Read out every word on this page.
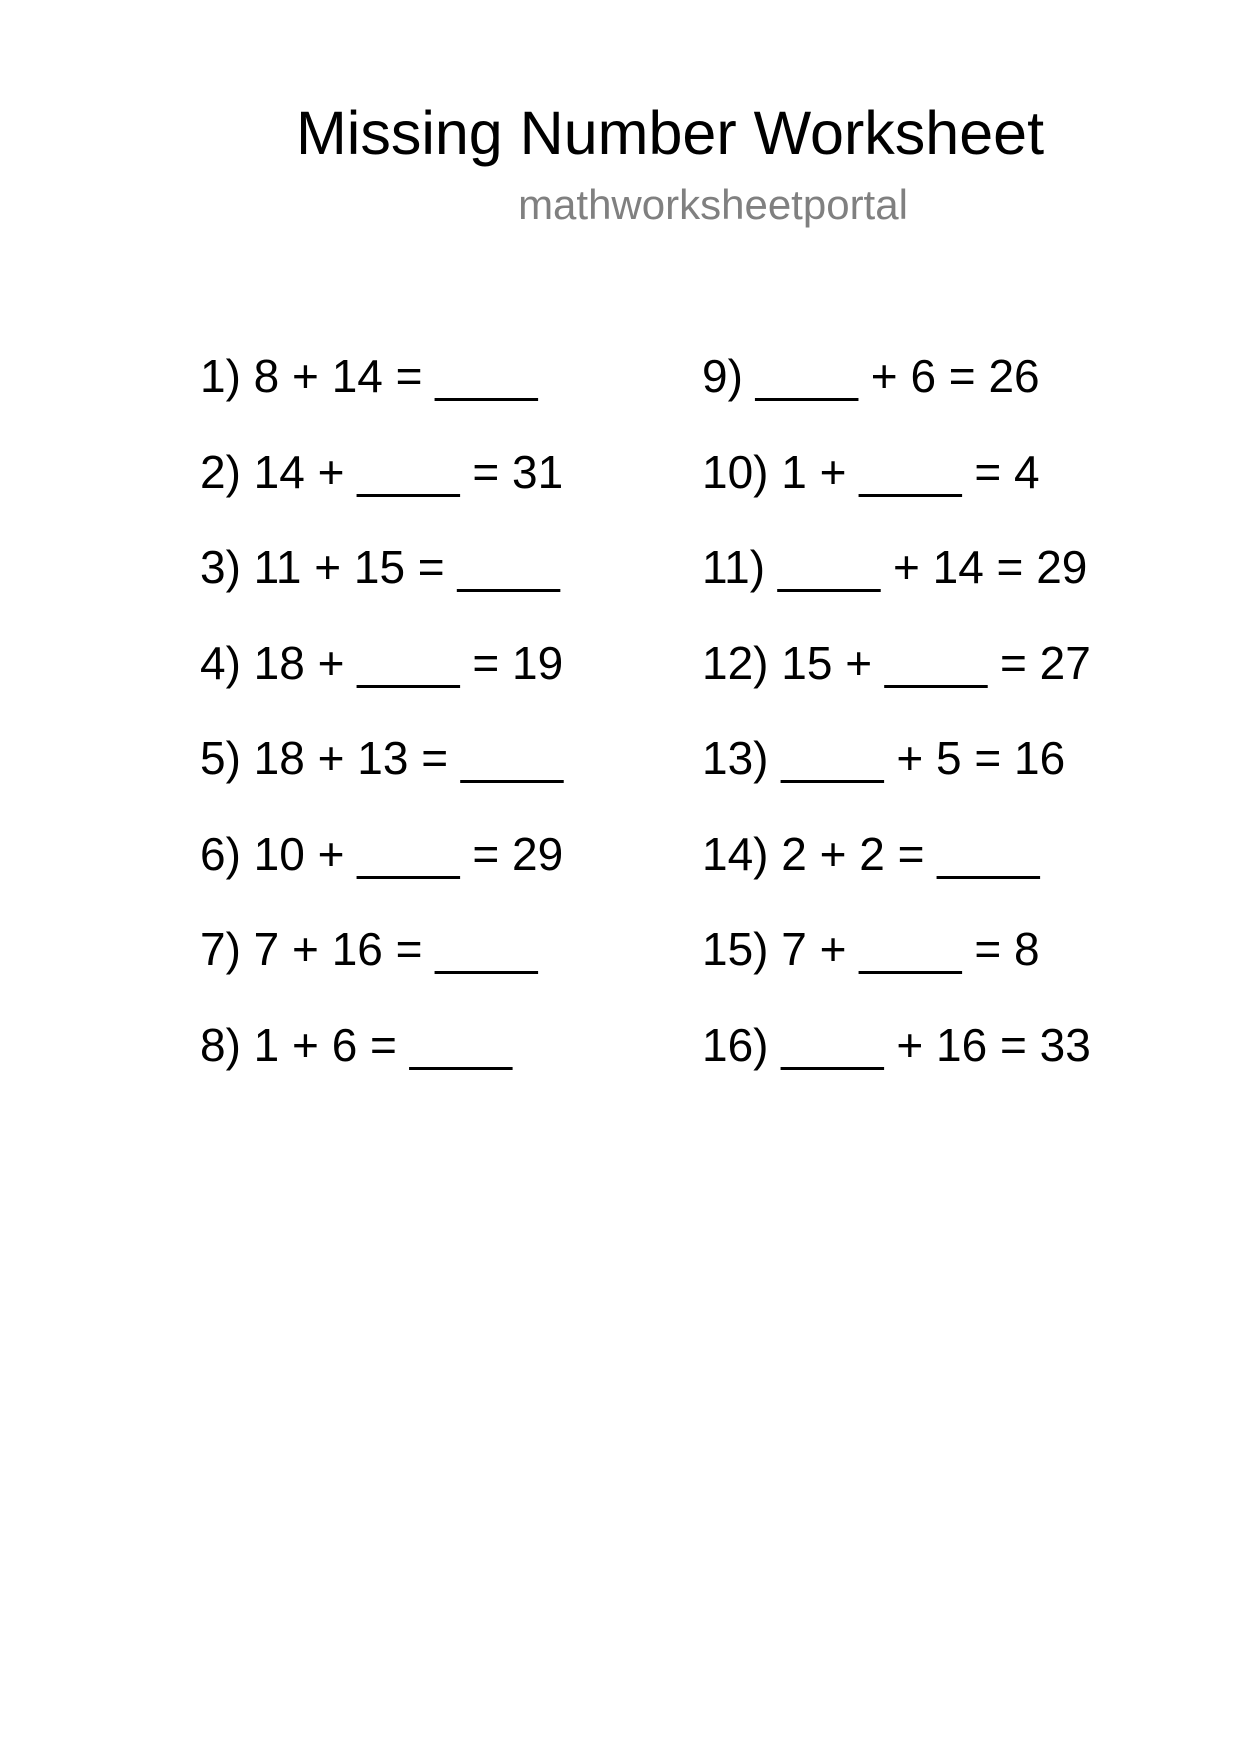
Missing Number Worksheet
mathworksheetportal
1) 8 + 14 = ____
2) 14 + ____ = 31
3) 11 + 15 = ____
4) 18 + ____ = 19
5) 18 + 13 = ____
6) 10 + ____ = 29
7) 7 + 16 = ____
8) 1 + 6 = ____
9) ____ + 6 = 26
10) 1 + ____ = 4
11) ____ + 14 = 29
12) 15 + ____ = 27
13) ____ + 5 = 16
14) 2 + 2 = ____
15) 7 + ____ = 8
16) ____ + 16 = 33
